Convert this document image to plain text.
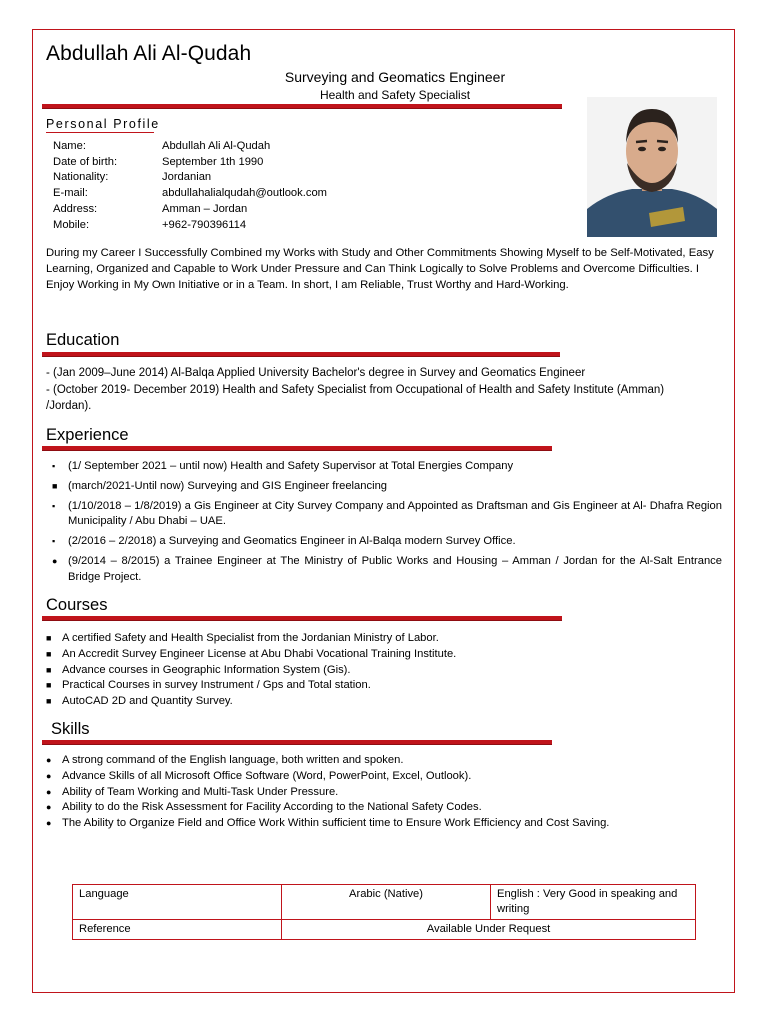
Abdullah Ali Al-Qudah
Surveying and Geomatics Engineer
Health and Safety Specialist
Personal Profile
Name:	Abdullah Ali Al-Qudah
Date of birth:	September 1th 1990
Nationality:	Jordanian
E-mail:	abdullahalialqudah@outlook.com
Address:	Amman – Jordan
Mobile:	+962-790396114
During my Career I Successfully Combined my Works with Study and Other Commitments Showing Myself to be Self-Motivated, Easy Learning, Organized and Capable to Work Under Pressure and Can Think Logically to Solve Problems and Overcome Difficulties. I Enjoy Working in My Own Initiative or in a Team. In short, I am Reliable, Trust Worthy and Hard-Working.
Education
- (Jan 2009–June 2014) Al-Balqa Applied University Bachelor's degree in Survey and Geomatics Engineer
- (October 2019- December 2019) Health and Safety Specialist from Occupational of Health and Safety Institute (Amman) /Jordan).
Experience
▪	(1/ September 2021 – until now) Health and Safety Supervisor at Total Energies Company
■ (march/2021-Until now) Surveying and GIS Engineer freelancing
▪	(1/10/2018 – 1/8/2019) a Gis Engineer at City Survey Company and Appointed as Draftsman and Gis Engineer at Al- Dhafra Region Municipality / Abu Dhabi – UAE.
▪	(2/2016 – 2/2018) a Surveying and Geomatics Engineer in Al-Balqa modern Survey Office.
● (9/2014 – 8/2015) a Trainee Engineer at The Ministry of Public Works and Housing – Amman / Jordan for the Al-Salt Entrance Bridge Project.
Courses
■ A certified Safety and Health Specialist from the Jordanian Ministry of Labor.
■ An Accredit Survey Engineer License at Abu Dhabi Vocational Training Institute.
■ Advance courses in Geographic Information System (Gis).
■ Practical Courses in survey Instrument / Gps and Total station.
■ AutoCAD 2D and Quantity Survey.
Skills
● A strong command of the English language, both written and spoken.
● Advance Skills of all Microsoft Office Software (Word, PowerPoint, Excel, Outlook).
● Ability of Team Working and Multi-Task Under Pressure.
● Ability to do the Risk Assessment for Facility According to the National Safety Codes.
● The Ability to Organize Field and Office Work Within sufficient time to Ensure Work Efficiency and Cost Saving.
Language	Arabic (Native)	English : Very Good in speaking and writing
Reference	Available Under Request	
